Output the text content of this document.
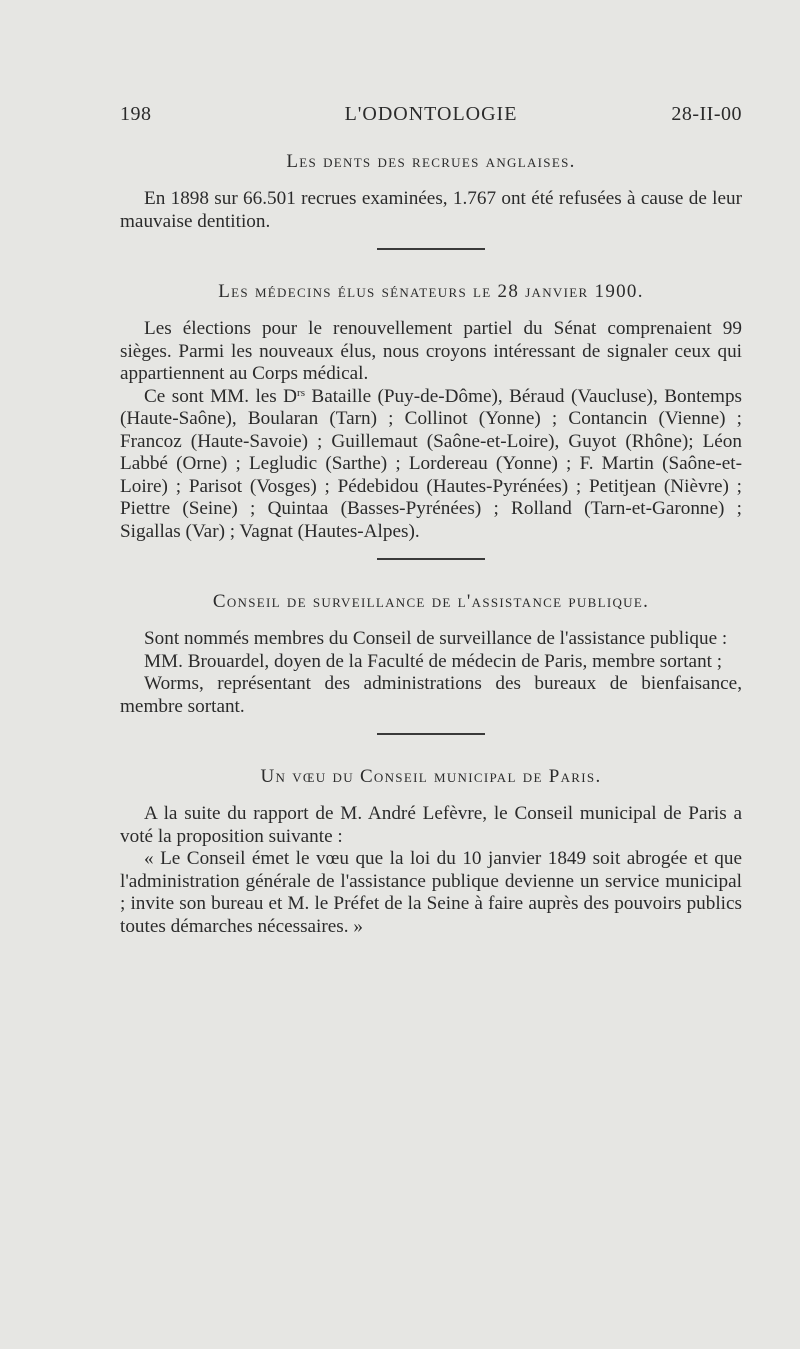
198	L'ODONTOLOGIE	28-II-00
Les dents des recrues anglaises.

En 1898 sur 66.501 recrues examinées, 1.767 ont été refusées à cause de leur mauvaise dentition.

Les médecins élus sénateurs le 28 janvier 1900.

Les élections pour le renouvellement partiel du Sénat comprenaient 99 sièges. Parmi les nouveaux élus, nous croyons intéressant de signaler ceux qui appartiennent au Corps médical.

Ce sont MM. les $D^{rs}$ Bataille (Puy-de-Dôme), Béraud (Vaucluse), Bontemps (Haute-Saône), Boularan (Tarn) ; Collinot (Yonne) ; Contancin (Vienne) ; Francoz (Haute-Savoie) ; Guillemaut (Saône-et-Loire), Guyot (Rhône); Léon Labbé (Orne) ; Legludic (Sarthe) ; Lordereau (Yonne) ; F. Martin (Saône-et-Loire) ; Parisot (Vosges) ; Pédebidou (Hautes-Pyrénées) ; Petitjean (Nièvre) ; Piettre (Seine) ; Quintaa (Basses-Pyrénées) ; Rolland (Tarn-et-Garonne) ; Sigallas (Var) ; Vagnat (Hautes-Alpes).

Conseil de surveillance de l'assistance publique.

Sont nommés membres du Conseil de surveillance de l'assistance publique :

MM. Brouardel, doyen de la Faculté de médecin de Paris, membre sortant ;

Worms, représentant des administrations des bureaux de bienfaisance, membre sortant.

Un vœu du Conseil municipal de Paris.

A la suite du rapport de M. André Lefèvre, le Conseil municipal de Paris a voté la proposition suivante :

« Le Conseil émet le vœu que la loi du 10 janvier 1849 soit abrogée et que l'administration générale de l'assistance publique devienne un service municipal ; invite son bureau et M. le Préfet de la Seine à faire auprès des pouvoirs publics toutes démarches nécessaires. »
